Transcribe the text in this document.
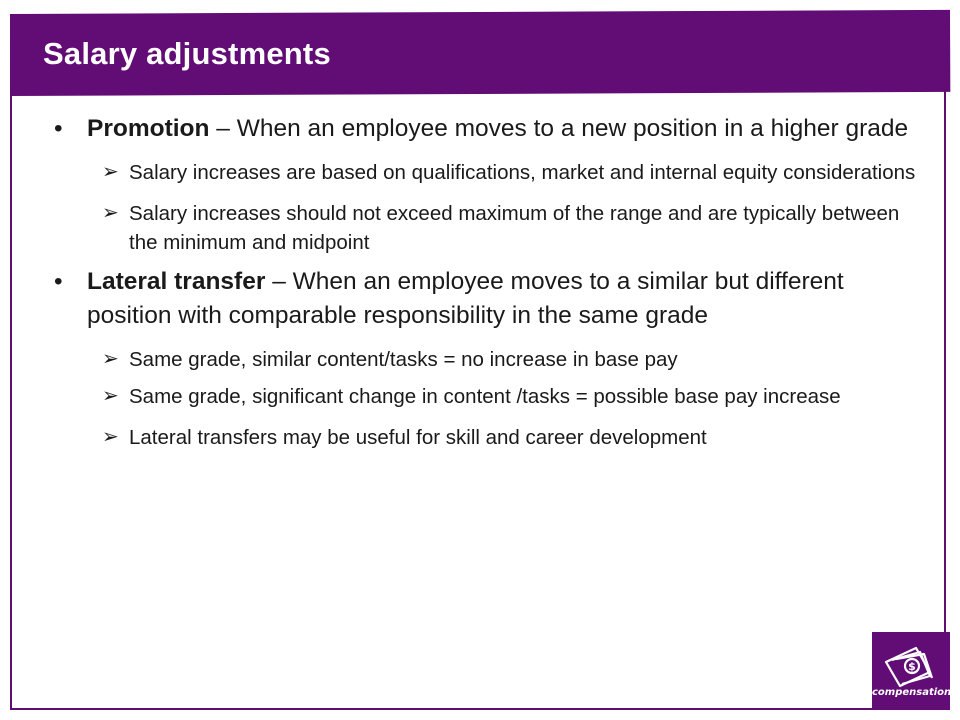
Salary adjustments
• Promotion – When an employee moves to a new position in a higher grade
➢ Salary increases are based on qualifications, market and internal equity considerations
➢ Salary increases should not exceed maximum of the range and are typically between the minimum and midpoint
• Lateral transfer – When an employee moves to a similar but different position with comparable responsibility in the same grade
➢ Same grade, similar content/tasks = no increase in base pay
➢ Same grade, significant change in content /tasks = possible base pay increase
➢ Lateral transfers may be useful for skill and career development
$
compensation
